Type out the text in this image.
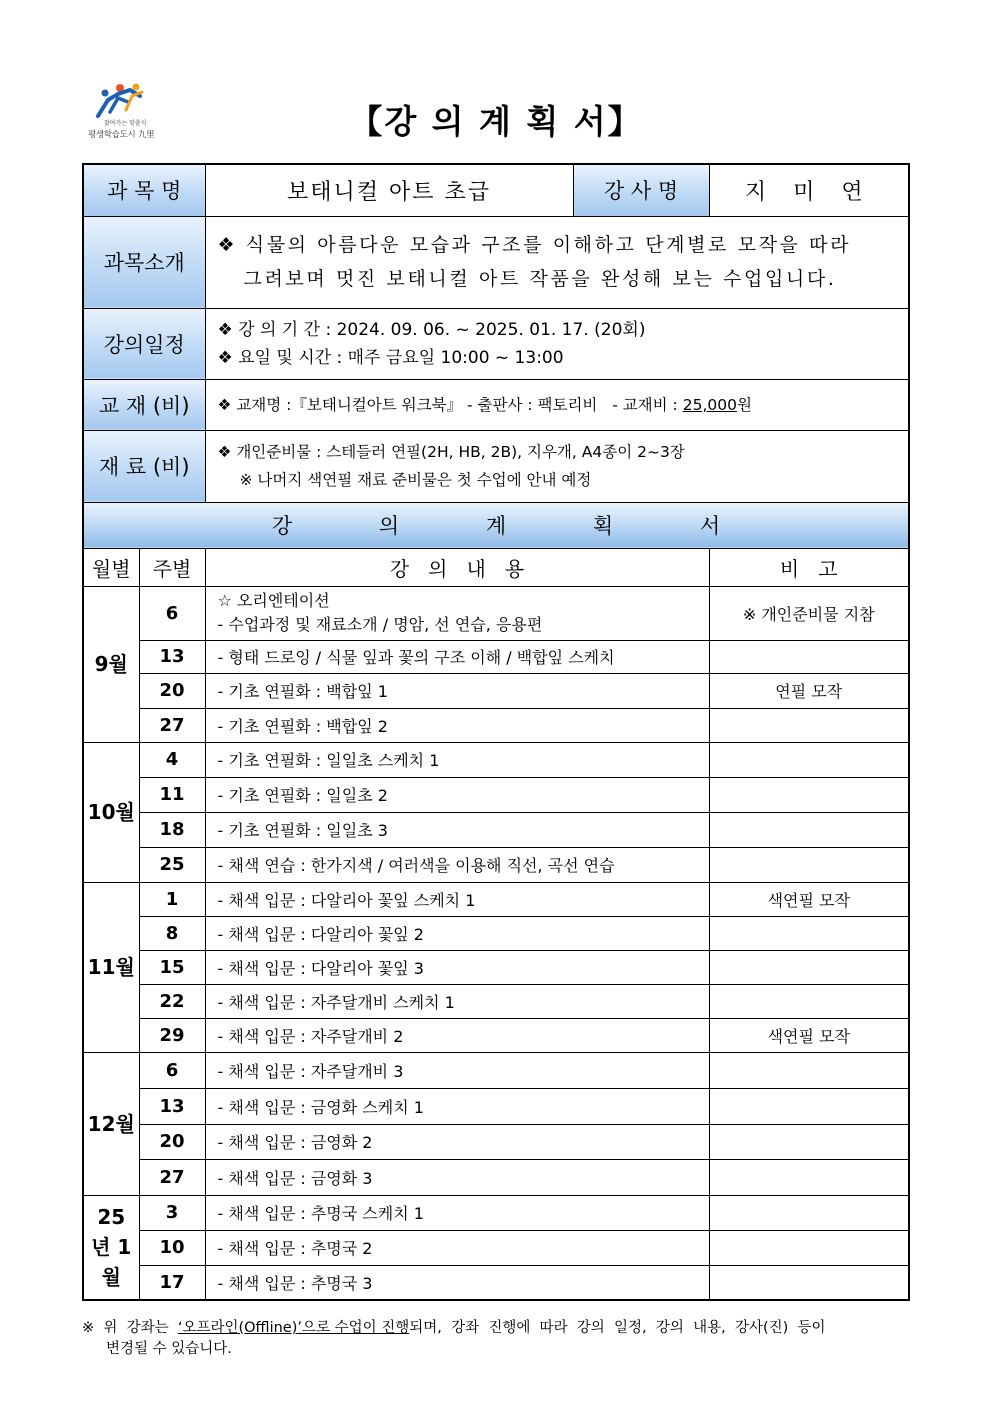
찾아가는 맞춤식
평생학습도시 九里	【강 의 계 획 서】
과 목 명		보태니컬 아트 초급	강 사 명	지 미 연
과목소개		❖ 식물의 아름다운 모습과 구조를 이해하고 단계별로 모작을 따라
그려보며 멋진 보태니컬 아트 작품을 완성해 보는 수업입니다.		

강의일정		❖ 강 의 기 간 : 2024. 09. 06. ~ 2025. 01. 17. (20회)
❖ 요일 및 시간 : 매주 금요일 10:00 ~ 13:00		

교 재 (비)		❖ 교재명 :『보태니컬아트 워크북』 - 출판사 : 팩토리비   - 교재비 : 25,000원		
재 료 (비)		❖ 개인준비물 : 스테들러 연필(2H, HB, 2B), 지우개, A4종이 2~3장
※ 나머지 색연필 재료 준비물은 첫 수업에 안내 예정		

강 의 계 획 서				
월별	주별	강   의   내   용		비   고
9월	6	☆ 오리엔테이션
- 수업과정 및 재료소개 / 명암, 선 연습, 응용편		※ 개인준비물 지참
	13	- 형태 드로잉 / 식물 잎과 꽃의 구조 이해 / 백합잎 스케치		
	20	- 기초 연필화 : 백합잎 1		연필 모작
	27	- 기초 연필화 : 백합잎 2		
10월	4	- 기초 연필화 : 일일초 스케치 1		
	11	- 기초 연필화 : 일일초 2		
	18	- 기초 연필화 : 일일초 3		
	25	- 채색 연습 : 한가지색 / 여러색을 이용해 직선, 곡선 연습		
11월	1	- 채색 입문 : 다알리아 꽃잎 스케치 1		색연필 모작
	8	- 채색 입문 : 다알리아 꽃잎 2		
	15	- 채색 입문 : 다알리아 꽃잎 3		
	22	- 채색 입문 : 자주달개비 스케치 1		
	29	- 채색 입문 : 자주달개비 2		색연필 모작
12월	6	- 채색 입문 : 자주달개비 3		
	13	- 채색 입문 : 금영화 스케치 1		
	20	- 채색 입문 : 금영화 2		
	27	- 채색 입문 : 금영화 3		
25년 1월	3	- 채색 입문 : 추명국 스케치 1		
	10	- 채색 입문 : 추명국 2		
	17	- 채색 입문 : 추명국 3		
※  위  강좌는  ‘오프라인(Offline)’으로 수업이 진행되며,  강좌  진행에  따라  강의  일정,  강의  내용,  강사(진)  등이
변경될 수 있습니다.
